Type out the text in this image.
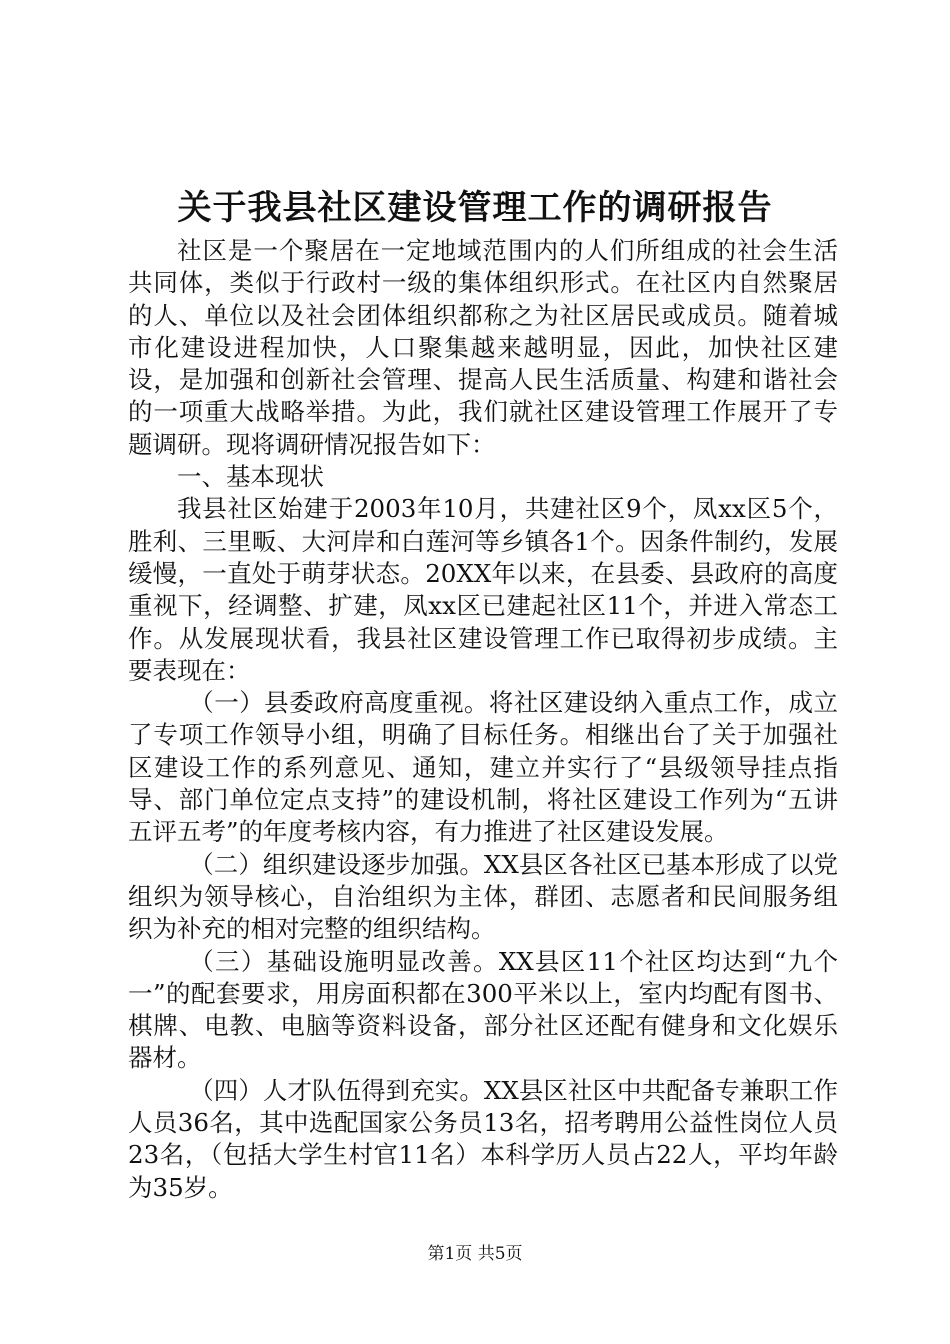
关于我县社区建设管理工作的调研报告

社区是一个聚居在一定地域范围内的人们所组成的社会生活共同体，类似于行政村一级的集体组织形式。在社区内自然聚居的人、单位以及社会团体组织都称之为社区居民或成员。随着城市化建设进程加快，人口聚集越来越明显，因此，加快社区建设，是加强和创新社会管理、提高人民生活质量、构建和谐社会的一项重大战略举措。为此，我们就社区建设管理工作展开了专题调研。现将调研情况报告如下：

一、基本现状

我县社区始建于2003年10月，共建社区9个，凤xx区5个，胜利、三里畈、大河岸和白莲河等乡镇各1个。因条件制约，发展缓慢，一直处于萌芽状态。20XX年以来，在县委、县政府的高度重视下，经调整、扩建，凤xx区已建起社区11个，并进入常态工作。从发展现状看，我县社区建设管理工作已取得初步成绩。主要表现在：

（一）县委政府高度重视。将社区建设纳入重点工作，成立了专项工作领导小组，明确了目标任务。相继出台了关于加强社区建设工作的系列意见、通知，建立并实行了“县级领导挂点指导、部门单位定点支持”的建设机制，将社区建设工作列为“五讲五评五考”的年度考核内容，有力推进了社区建设发展。

（二）组织建设逐步加强。XX县区各社区已基本形成了以党组织为领导核心，自治组织为主体，群团、志愿者和民间服务组织为补充的相对完整的组织结构。

（三）基础设施明显改善。XX县区11个社区均达到“九个一”的配套要求，用房面积都在300平米以上，室内均配有图书、棋牌、电教、电脑等资料设备，部分社区还配有健身和文化娱乐器材。

（四）人才队伍得到充实。XX县区社区中共配备专兼职工作人员36名，其中选配国家公务员13名，招考聘用公益性岗位人员23名，（包括大学生村官11名）本科学历人员占22人，平均年龄为35岁。

第1页 共5页
